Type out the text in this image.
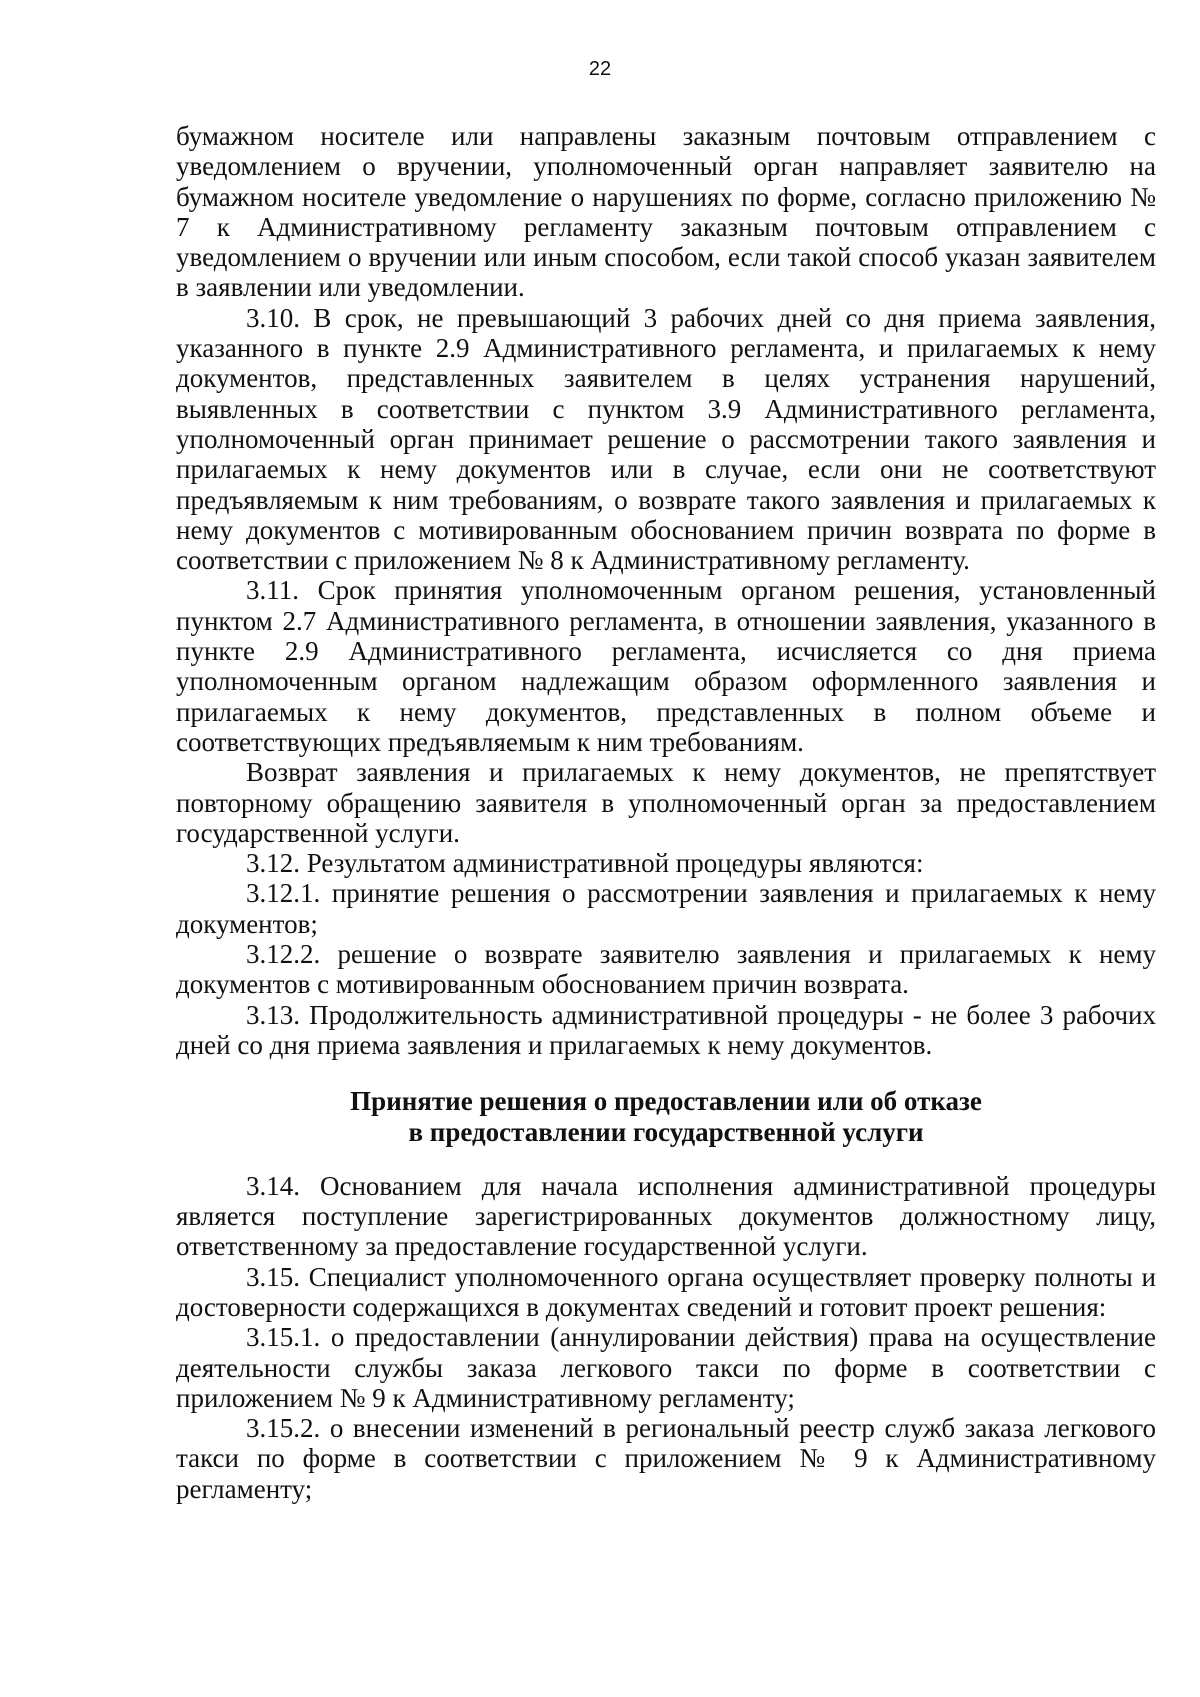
22

бумажном носителе или направлены заказным почтовым отправлением с уведомлением о вручении, уполномоченный орган направляет заявителю на бумажном носителе уведомление о нарушениях по форме, согласно приложению № 7 к Административному регламенту заказным почтовым отправлением с уведомлением о вручении или иным способом, если такой способ указан заявителем в заявлении или уведомлении.

3.10. В срок, не превышающий 3 рабочих дней со дня приема заявления, указанного в пункте 2.9 Административного регламента, и прилагаемых к нему документов, представленных заявителем в целях устранения нарушений, выявленных в соответствии с пунктом 3.9 Административного регламента, уполномоченный орган принимает решение о рассмотрении такого заявления и прилагаемых к нему документов или в случае, если они не соответствуют предъявляемым к ним требованиям, о возврате такого заявления и прилагаемых к нему документов с мотивированным обоснованием причин возврата по форме в соответствии с приложением № 8 к Административному регламенту.

3.11. Срок принятия уполномоченным органом решения, установленный пунктом 2.7 Административного регламента, в отношении заявления, указанного в пункте 2.9 Административного регламента, исчисляется со дня приема уполномоченным органом надлежащим образом оформленного заявления и прилагаемых к нему документов, представленных в полном объеме и соответствующих предъявляемым к ним требованиям.

Возврат заявления и прилагаемых к нему документов, не препятствует повторному обращению заявителя в уполномоченный орган за предоставлением государственной услуги.

3.12. Результатом административной процедуры являются:

3.12.1. принятие решения о рассмотрении заявления и прилагаемых к нему документов;

3.12.2. решение о возврате заявителю заявления и прилагаемых к нему документов с мотивированным обоснованием причин возврата.

3.13. Продолжительность административной процедуры - не более 3 рабочих дней со дня приема заявления и прилагаемых к нему документов.

Принятие решения о предоставлении или об отказе
в предоставлении государственной услуги

3.14. Основанием для начала исполнения административной процедуры является поступление зарегистрированных документов должностному лицу, ответственному за предоставление государственной услуги.

3.15. Специалист уполномоченного органа осуществляет проверку полноты и достоверности содержащихся в документах сведений и готовит проект решения:

3.15.1. о предоставлении (аннулировании действия) права на осуществление деятельности службы заказа легкового такси по форме в соответствии с приложением № 9 к Административному регламенту;

3.15.2. о внесении изменений в региональный реестр служб заказа легкового такси по форме в соответствии с приложением № 9 к Административному регламенту;
